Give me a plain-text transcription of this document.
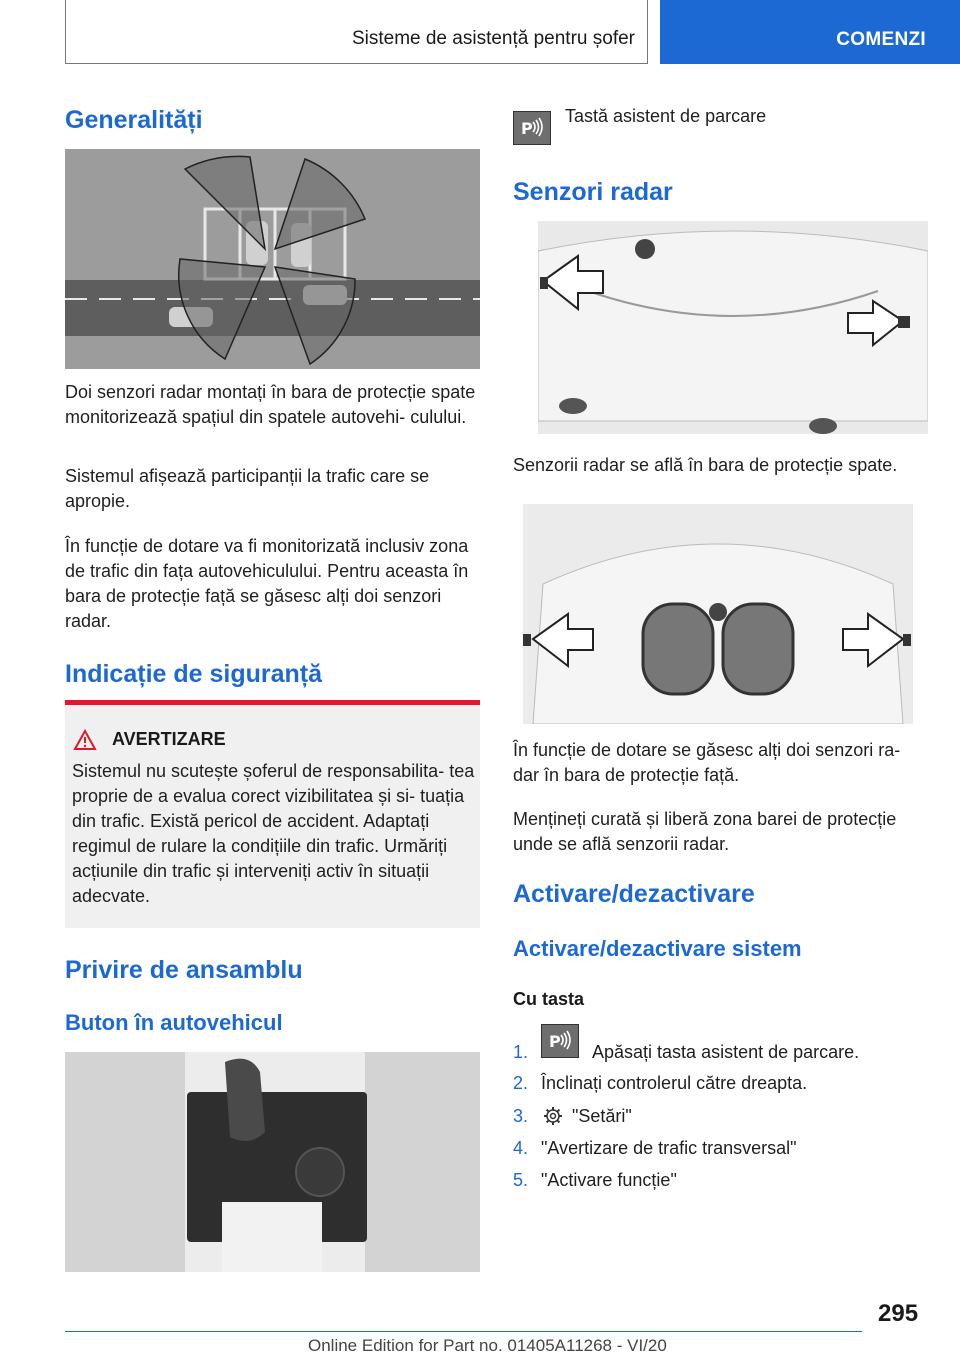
Sisteme de asistență pentru șofer	COMENZI
Generalități
Doi senzori radar montați în bara de protecție spate monitorizează spațiul din spatele autovehi- culului.
Sistemul afișează participanții la trafic care se apropie.
În funcție de dotare va fi monitorizată inclusiv zona de trafic din fața autovehiculului. Pentru aceasta în bara de protecție față se găsesc alți doi senzori radar.
Indicație de siguranță
AVERTIZARE
Sistemul nu scutește șoferul de responsabilita- tea proprie de a evalua corect vizibilitatea și si- tuația din trafic. Există pericol de accident. Adaptați regimul de rulare la condițiile din trafic. Urmăriți acțiunile din trafic și interveniți activ în situații adecvate.
Privire de ansamblu
Buton în autovehicul
P
Tastă asistent de parcare
Senzori radar
Senzorii radar se află în bara de protecție spate.
În funcție de dotare se găsesc alți doi senzori ra- dar în bara de protecție față.
Mențineți curată și liberă zona barei de protecție unde se află senzorii radar.
Activare/dezactivare
Activare/dezactivare sistem
Cu tasta
1.
P
Apăsați tasta asistent de parcare.
2. Înclinați controlerul către dreapta.
3. "Setări"
4. "Avertizare de trafic transversal"
5. "Activare funcție"
295
Online Edition for Part no. 01405A11268 - VI/20
